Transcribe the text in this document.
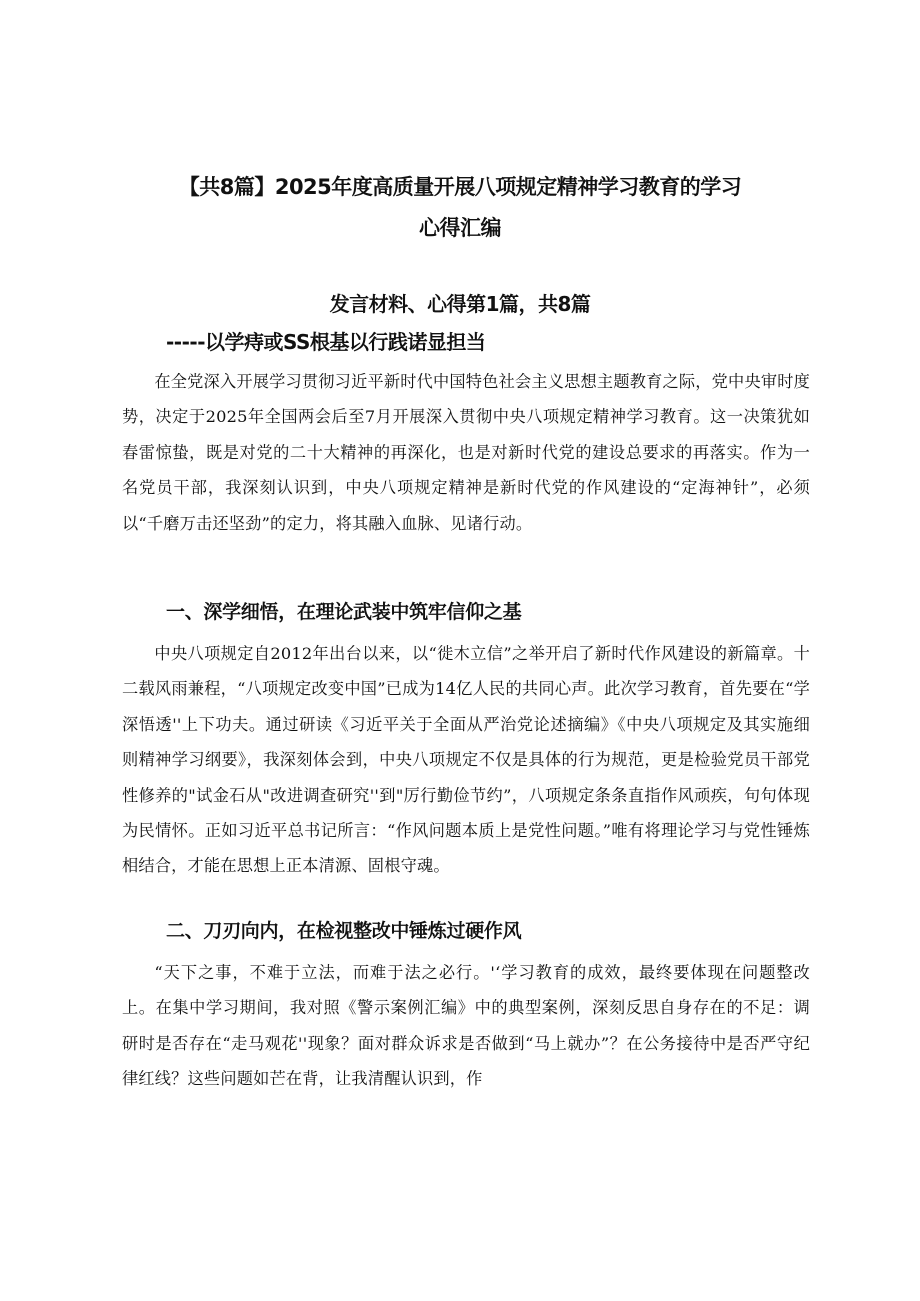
【共8篇】2025年度高质量开展八项规定精神学习教育的学习
心得汇编
发言材料、心得第1篇，共8篇
-----以学痔或SS根基以行践诺显担当

在全党深入开展学习贯彻习近平新时代中国特色社会主义思想主题教育之际，党中央审时度势，决定于2025年全国两会后至7月开展深入贯彻中央八项规定精神学习教育。这一决策犹如春雷惊蛰，既是对党的二十大精神的再深化，也是对新时代党的建设总要求的再落实。作为一名党员干部，我深刻认识到，中央八项规定精神是新时代党的作风建设的“定海神针”，必须以“千磨万击还坚劲”的定力，将其融入血脉、见诸行动。

一、深学细悟，在理论武装中筑牢信仰之基

中央八项规定自2012年出台以来，以“徙木立信”之举开启了新时代作风建设的新篇章。十二载风雨兼程，“八项规定改变中国”已成为14亿人民的共同心声。此次学习教育，首先要在“学深悟透''上下功夫。通过研读《习近平关于全面从严治党论述摘编》《中央八项规定及其实施细则精神学习纲要》，我深刻体会到，中央八项规定不仅是具体的行为规范，更是检验党员干部党性修养的"试金石从"改进调查研究''到"厉行勤俭节约”，八项规定条条直指作风顽疾，句句体现为民情怀。正如习近平总书记所言：“作风问题本质上是党性问题。”唯有将理论学习与党性锤炼相结合，才能在思想上正本清源、固根守魂。

二、刀刃向内，在检视整改中锤炼过硬作风

“天下之事，不难于立法，而难于法之必行。'‘学习教育的成效，最终要体现在问题整改上。在集中学习期间，我对照《警示案例汇编》中的典型案例，深刻反思自身存在的不足：调研时是否存在“走马观花''现象？面对群众诉求是否做到“马上就办”？在公务接待中是否严守纪律红线？这些问题如芒在背，让我清醒认识到，作
